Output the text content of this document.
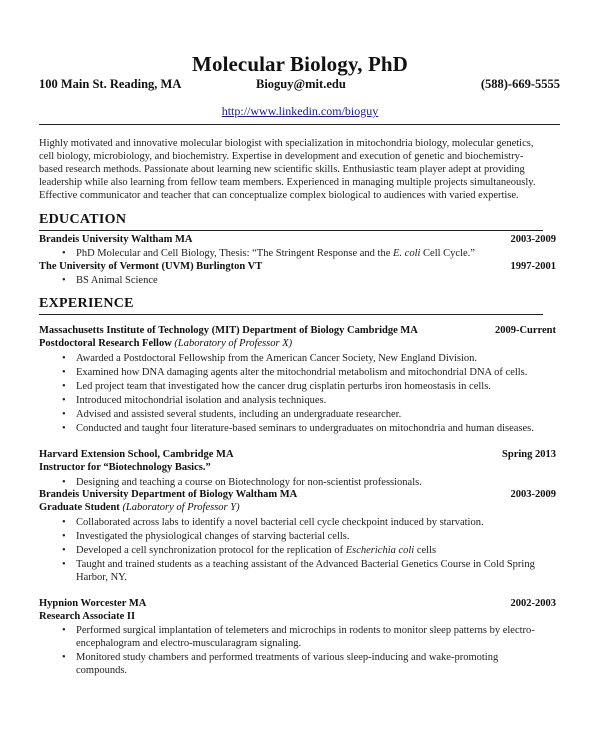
Molecular Biology, PhD
100 Main St. Reading, MA	Bioguy@mit.edu	(588)-669-5555
http://www.linkedin.com/bioguy

Highly motivated and innovative molecular biologist with specialization in mitochondria biology, molecular genetics,

cell biology, microbiology, and biochemistry. Expertise in development and execution of genetic and biochemistry-

based research methods. Passionate about learning new scientific skills. Enthusiastic team player adept at providing

leadership while also learning from fellow team members. Experienced in managing multiple projects simultaneously.

Effective communicator and teacher that can conceptualize complex biological to audiences with varied expertise.

EDUCATION
Brandeis University Waltham MA	2003-2009
• PhD Molecular and Cell Biology, Thesis: “The Stringent Response and the E. coli Cell Cycle.”
The University of Vermont (UVM) Burlington VT	1997-2001
• BS Animal Science
EXPERIENCE
Massachusetts Institute of Technology (MIT) Department of Biology Cambridge MA	2009-Current
Postdoctoral Research Fellow (Laboratory of Professor X)
• Awarded a Postdoctoral Fellowship from the American Cancer Society, New England Division.
• Examined how DNA damaging agents alter the mitochondrial metabolism and mitochondrial DNA of cells.
• Led project team that investigated how the cancer drug cisplatin perturbs iron homeostasis in cells.
• Introduced mitochondrial isolation and analysis techniques.
• Advised and assisted several students, including an undergraduate researcher.
• Conducted and taught four literature-based seminars to undergraduates on mitochondria and human diseases.
Harvard Extension School, Cambridge MA	Spring 2013
Instructor for “Biotechnology Basics.”
• Designing and teaching a course on Biotechnology for non-scientist professionals.
Brandeis University Department of Biology Waltham MA	2003-2009
Graduate Student (Laboratory of Professor Y)
• Collaborated across labs to identify a novel bacterial cell cycle checkpoint induced by starvation.
• Investigated the physiological changes of starving bacterial cells.
• Developed a cell synchronization protocol for the replication of Escherichia coli cells
• Taught and trained students as a teaching assistant of the Advanced Bacterial Genetics Course in Cold Spring

Harbor, NY.

Hypnion Worcester MA	2002-2003
Research Associate II
• Performed surgical implantation of telemeters and microchips in rodents to monitor sleep patterns by electro-

encephalogram and electro-muscularagram signaling.

• Monitored study chambers and performed treatments of various sleep-inducing and wake-promoting

compounds.
